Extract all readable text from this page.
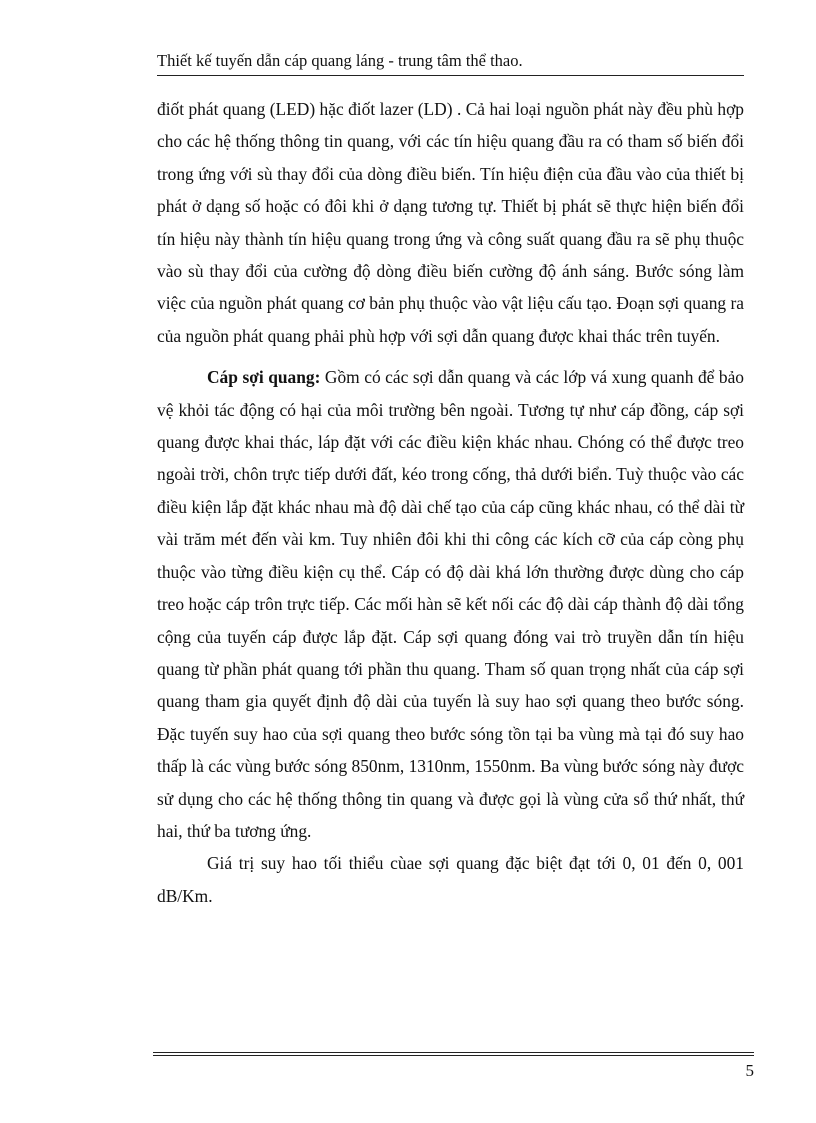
Thiết kế tuyến dẫn cáp quang láng - trung tâm thể thao.

điốt phát quang (LED) hặc điốt lazer (LD) . Cả hai loại nguồn phát này đều phù hợp cho các hệ thống thông tin quang, với các tín hiệu quang đầu ra có tham số biến đổi trong ứng với sù thay đổi của dòng điều biến. Tín hiệu điện của đầu vào của thiết bị phát ở dạng số hoặc có đôi khi ở dạng tương tự. Thiết bị phát sẽ thực hiện biến đổi tín hiệu này thành tín hiệu quang trong ứng và công suất quang đầu ra sẽ phụ thuộc vào sù thay đổi của cường độ dòng điều biến cường độ ánh sáng. Bước sóng làm việc của nguồn phát quang cơ bản phụ thuộc vào vật liệu cấu tạo. Đoạn sợi quang ra của nguồn phát quang phải phù hợp với sợi dẫn quang được khai thác trên tuyến.

Cáp sợi quang: Gồm có các sợi dẫn quang và các lớp vá xung quanh để bảo vệ khỏi tác động có hại của môi trường bên ngoài. Tương tự như cáp đồng, cáp sợi quang được khai thác, láp đặt với các điều kiện khác nhau. Chóng có thể được treo ngoài trời, chôn trực tiếp dưới đất, kéo trong cống, thả dưới biển. Tuỳ thuộc vào các điều kiện lắp đặt khác nhau mà độ dài chế tạo của cáp cũng khác nhau, có thể dài từ vài trăm mét đến vài km. Tuy nhiên đôi khi thi công các kích cỡ của cáp còng phụ thuộc vào từng điều kiện cụ thể. Cáp có độ dài khá lớn thường được dùng cho cáp treo hoặc cáp trôn trực tiếp. Các mối hàn sẽ kết nối các độ dài cáp thành độ dài tổng cộng của tuyến cáp được lắp đặt. Cáp sợi quang đóng vai trò truyền dẫn tín hiệu quang từ phần phát quang tới phần thu quang. Tham số quan trọng nhất của cáp sợi quang tham gia quyết định độ dài của tuyến là suy hao sợi quang theo bước sóng. Đặc tuyến suy hao của sợi quang theo bước sóng tồn tại ba vùng mà tại đó suy hao thấp là các vùng bước sóng 850nm, 1310nm, 1550nm. Ba vùng bước sóng này được sử dụng cho các hệ thống thông tin quang và được gọi là vùng cửa sổ thứ nhất, thứ hai, thứ ba tương ứng.

Giá trị suy hao tối thiểu cùae sợi quang đặc biệt đạt tới 0, 01 đến 0, 001 dB/Km.

5
